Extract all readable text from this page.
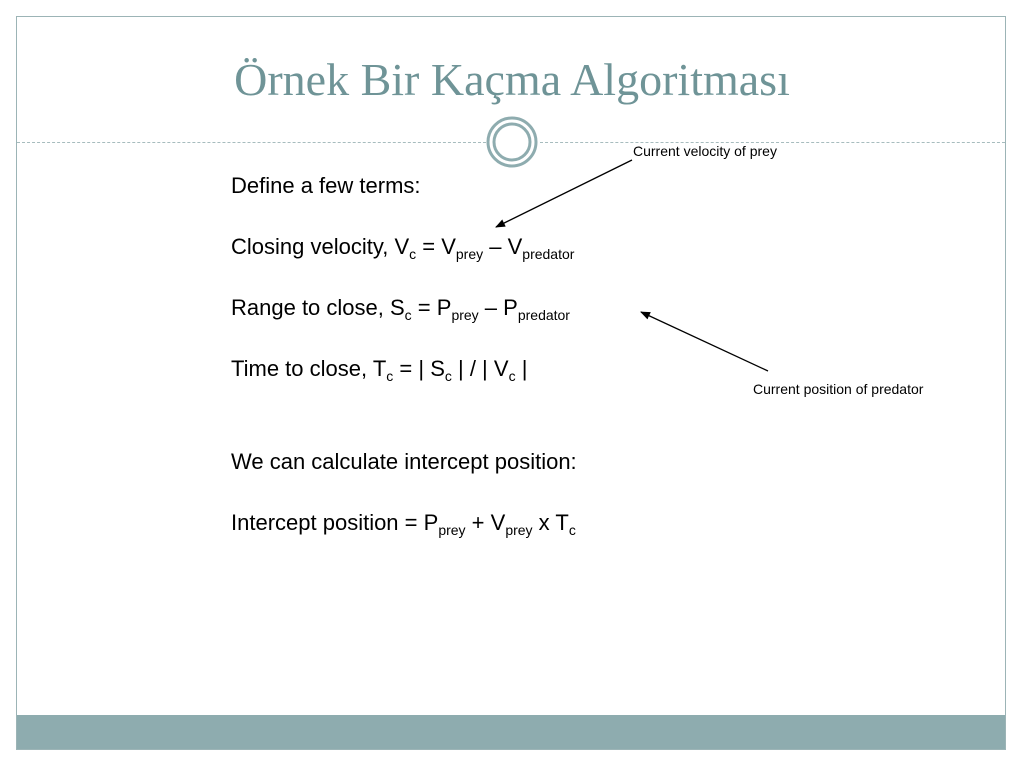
Örnek Bir Kaçma Algoritması

Define a few terms:

Closing velocity, $V_c = V_{prey} - V_{predator}$

Range to close, $S_c = P_{prey} - P_{predator}$

Time to close, $T_c$ = | $S_c$ | / | $V_c$ |

We can calculate intercept position:

Intercept position = $P_{prey} + V_{prey}$ x $T_c$

Current velocity of prey
Current position of predator
